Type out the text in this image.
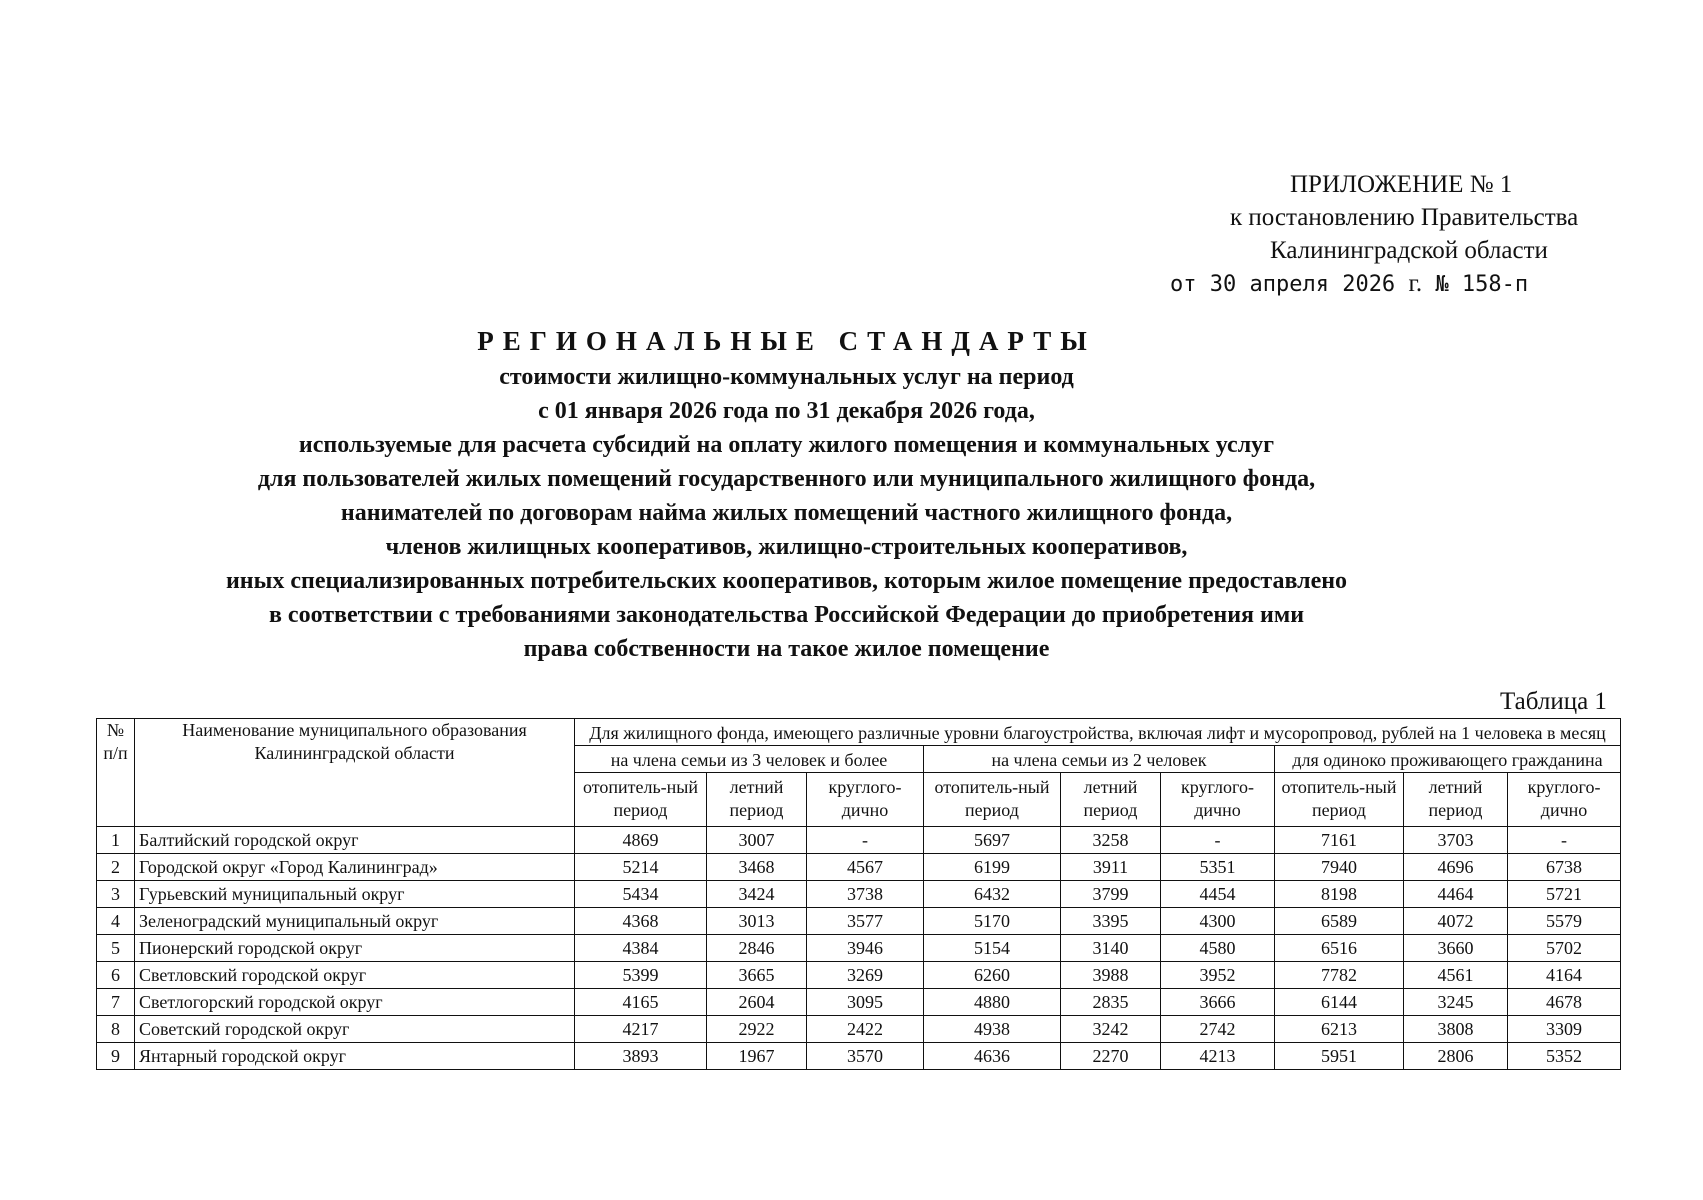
ПРИЛОЖЕНИЕ № 1
к постановлению Правительства
Калининградской области
от 30 апреля 2026 г. № 158-п
РЕГИОНАЛЬНЫЕ СТАНДАРТЫ
стоимости жилищно-коммунальных услуг на период
с 01 января 2026 года по 31 декабря 2026 года,
используемые для расчета субсидий на оплату жилого помещения и коммунальных услуг
для пользователей жилых помещений государственного или муниципального жилищного фонда,
нанимателей по договорам найма жилых помещений частного жилищного фонда,
членов жилищных кооперативов, жилищно-строительных кооперативов,
иных специализированных потребительских кооперативов, которым жилое помещение предоставлено
в соответствии с требованиями законодательства Российской Федерации до приобретения ими
права собственности на такое жилое помещение
Таблица 1
№ п/п	Наименование муниципального образования Калининградской области	Для жилищного фонда, имеющего различные уровни благоустройства, включая лифт и мусоропровод, рублей на 1 человека в месяц								
		на члена семьи из 3 человек и более			на члена семьи из 2 человек			для одиноко проживающего гражданина		
		отопитель-ный период	летний период	круглого-дично	отопитель-ный период	летний период	круглого-дично	отопитель-ный период	летний период	круглого-дично
1	Балтийский городской округ	4869	3007	-	5697	3258	-	7161	3703	-
2	Городской округ «Город Калининград»	5214	3468	4567	6199	3911	5351	7940	4696	6738
3	Гурьевский муниципальный округ	5434	3424	3738	6432	3799	4454	8198	4464	5721
4	Зеленоградский муниципальный округ	4368	3013	3577	5170	3395	4300	6589	4072	5579
5	Пионерский городской округ	4384	2846	3946	5154	3140	4580	6516	3660	5702
6	Светловский городской округ	5399	3665	3269	6260	3988	3952	7782	4561	4164
7	Светлогорский городской округ	4165	2604	3095	4880	2835	3666	6144	3245	4678
8	Советский городской округ	4217	2922	2422	4938	3242	2742	6213	3808	3309
9	Янтарный городской округ	3893	1967	3570	4636	2270	4213	5951	2806	5352
